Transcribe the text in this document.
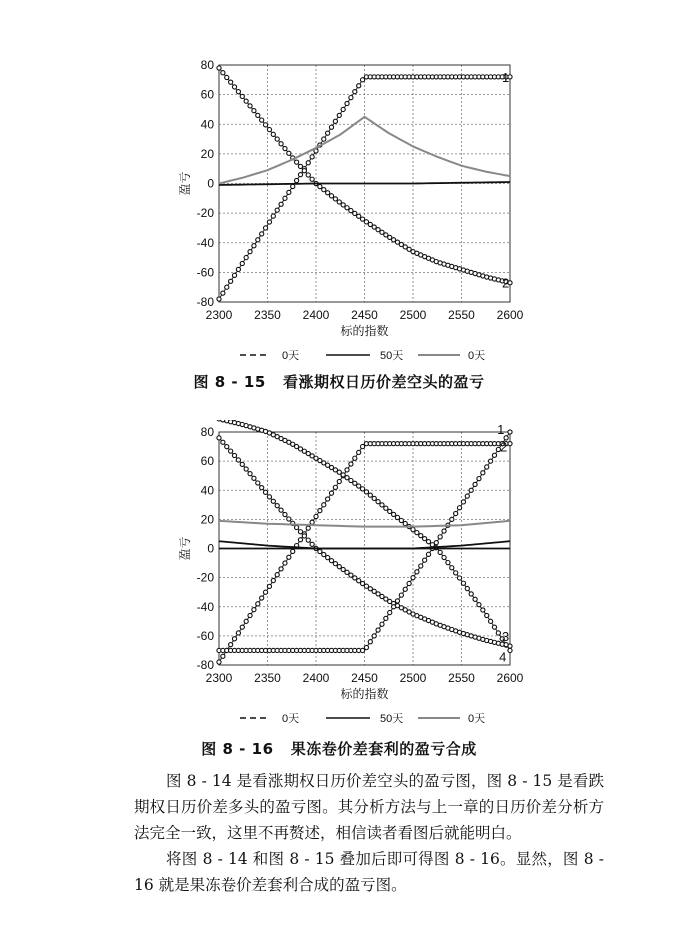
2300 2350 2400 2450 2500 2550 2600
-80
-60
-40
-20
0
20
40
60
80
标的指数
盈亏
1
2
0天	50天	0天
图 8 - 15 看涨期权日历价差空头的盈亏
2300 2350 2400 2450 2500 2550 2600
-80
-60
-40
-20
0
20
40
60
80
标的指数
盈亏
1
2
3
4
0天	50天	0天
图 8 - 16 果冻卷价差套利的盈亏合成

图 8 - 14 是看涨期权日历价差空头的盈亏图，图 8 - 15 是看跌期权日历价差多头的盈亏图。其分析方法与上一章的日历价差分析方法完全一致，这里不再赘述，相信读者看图后就能明白。

将图 8 - 14 和图 8 - 15 叠加后即可得图 8 - 16。显然，图 8 - 16 就是果冻卷价差套利合成的盈亏图。
